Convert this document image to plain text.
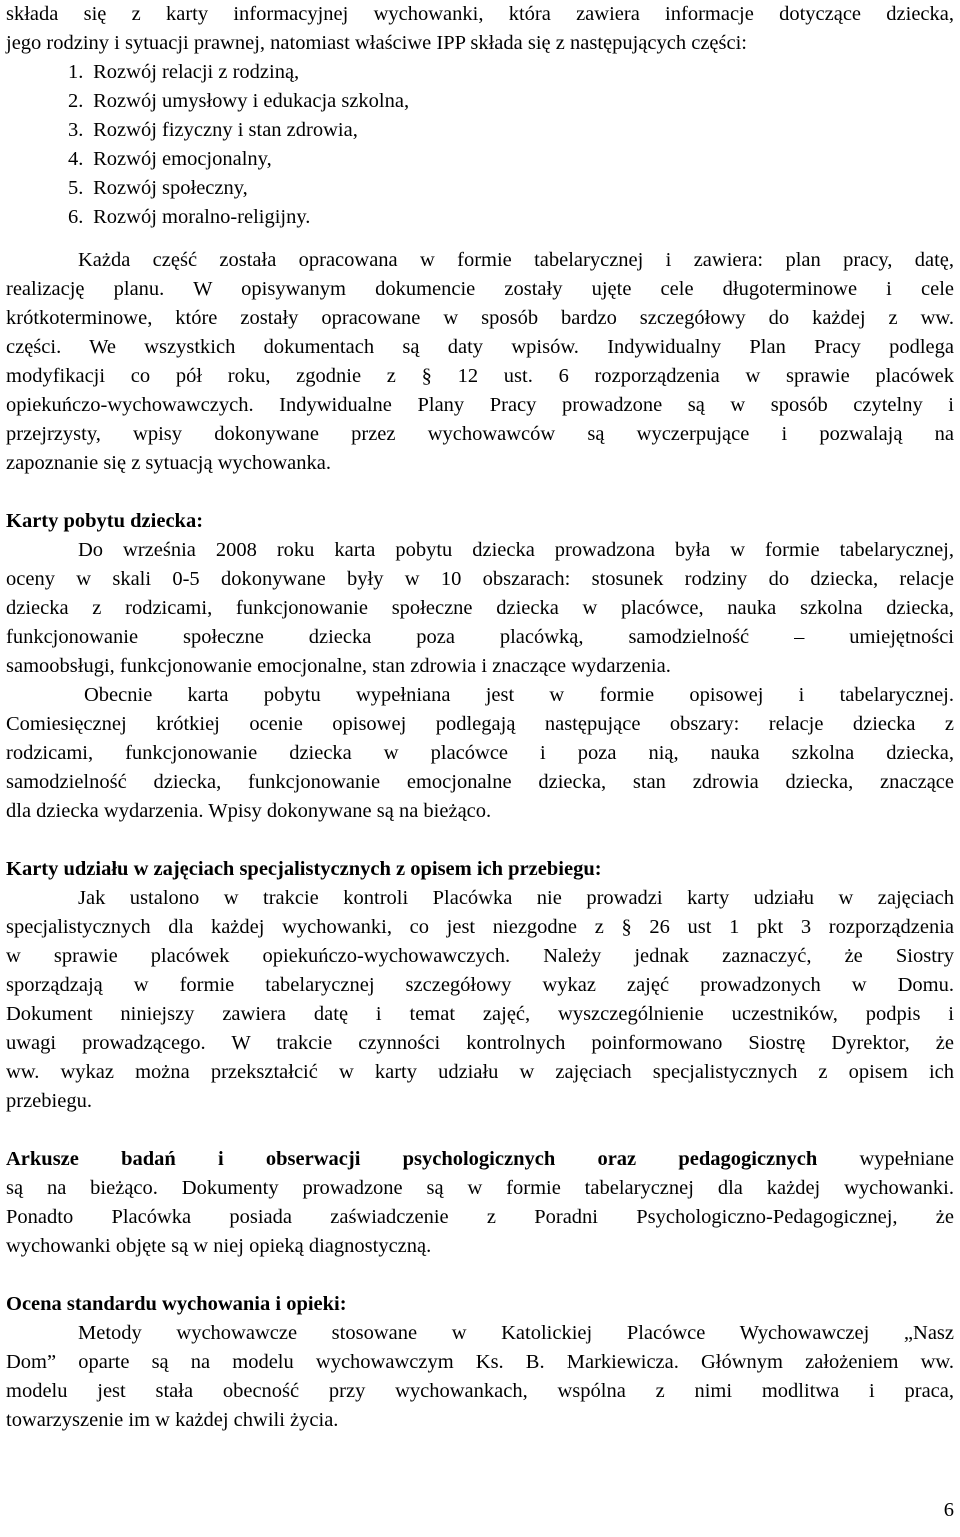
składa się z karty informacyjnej wychowanki, która zawiera informacje dotyczące dziecka,
jego rodziny i sytuacji prawnej, natomiast właściwe IPP składa się z następujących części:
1. Rozwój relacji z rodziną,
2. Rozwój umysłowy i edukacja szkolna,
3. Rozwój fizyczny i stan zdrowia,
4. Rozwój emocjonalny,
5. Rozwój społeczny,
6. Rozwój moralno-religijny.
Każda część została opracowana w formie tabelarycznej i zawiera: plan pracy, datę,
realizację planu. W opisywanym dokumencie zostały ujęte cele długoterminowe i cele
krótkoterminowe, które zostały opracowane w sposób bardzo szczegółowy do każdej z ww.
części. We wszystkich dokumentach są daty wpisów. Indywidualny Plan Pracy podlega
modyfikacji co pół roku, zgodnie z § 12 ust. 6 rozporządzenia w sprawie placówek
opiekuńczo-wychowawczych. Indywidualne Plany Pracy prowadzone są w sposób czytelny i
przejrzysty, wpisy dokonywane przez wychowawców są wyczerpujące i pozwalają na
zapoznanie się z sytuacją wychowanka.
Karty pobytu dziecka:
Do września 2008 roku karta pobytu dziecka prowadzona była w formie tabelarycznej,
oceny w skali 0-5 dokonywane były w 10 obszarach: stosunek rodziny do dziecka, relacje
dziecka z rodzicami, funkcjonowanie społeczne dziecka w placówce, nauka szkolna dziecka,
funkcjonowanie społeczne dziecka poza placówką, samodzielność – umiejętności
samoobsługi, funkcjonowanie emocjonalne, stan zdrowia i znaczące wydarzenia.
Obecnie karta pobytu wypełniana jest w formie opisowej i tabelarycznej.
Comiesięcznej krótkiej ocenie opisowej podlegają następujące obszary: relacje dziecka z
rodzicami, funkcjonowanie dziecka w placówce i poza nią, nauka szkolna dziecka,
samodzielność dziecka, funkcjonowanie emocjonalne dziecka, stan zdrowia dziecka, znaczące
dla dziecka wydarzenia. Wpisy dokonywane są na bieżąco.
Karty udziału w zajęciach specjalistycznych z opisem ich przebiegu:
Jak ustalono w trakcie kontroli Placówka nie prowadzi karty udziału w zajęciach
specjalistycznych dla każdej wychowanki, co jest niezgodne z § 26 ust 1 pkt 3 rozporządzenia
w sprawie placówek opiekuńczo-wychowawczych. Należy jednak zaznaczyć, że Siostry
sporządzają w formie tabelarycznej szczegółowy wykaz zajęć prowadzonych w Domu.
Dokument niniejszy zawiera datę i temat zajęć, wyszczególnienie uczestników, podpis i
uwagi prowadzącego. W trakcie czynności kontrolnych poinformowano Siostrę Dyrektor, że
ww. wykaz można przekształcić w karty udziału w zajęciach specjalistycznych z opisem ich
przebiegu.
Arkusze badań i obserwacji psychologicznych oraz pedagogicznych wypełniane
są na bieżąco. Dokumenty prowadzone są w formie tabelarycznej dla każdej wychowanki.
Ponadto Placówka posiada zaświadczenie z Poradni Psychologiczno-Pedagogicznej, że
wychowanki objęte są w niej opieką diagnostyczną.
Ocena standardu wychowania i opieki:
Metody wychowawcze stosowane w Katolickiej Placówce Wychowawczej „Nasz
Dom” oparte są na modelu wychowawczym Ks. B. Markiewicza. Głównym założeniem ww.
modelu jest stała obecność przy wychowankach, wspólna z nimi modlitwa i praca,
towarzyszenie im w każdej chwili życia.
6
